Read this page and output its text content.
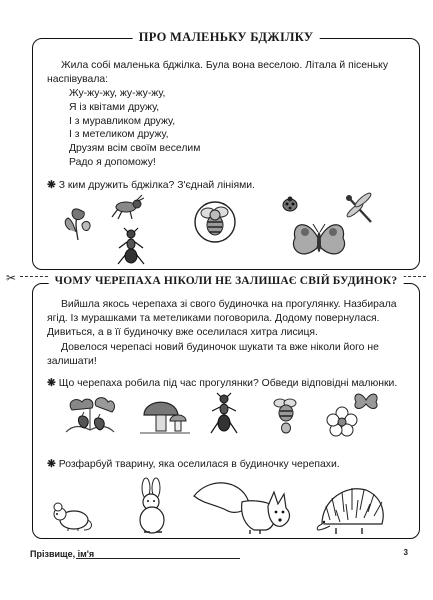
ПРО МАЛЕНЬКУ БДЖІЛКУ
Жила собі маленька бджілка. Була вона веселою. Літала й пісеньку наспівувала:
Жу-жу-жу, жу-жу-жу,
Я із квітами дружу,
І з муравликом дружу,
І з метеликом дружу,
Друзям всім своїм веселим
Радо я допоможу!
❋ З ким дружить бджілка? З'єднай лініями.
✂	ЧОМУ ЧЕРЕПАХА НІКОЛИ НЕ ЗАЛИШАЄ СВІЙ БУДИНОК?
Вийшла якось черепаха зі свого будиночка на прогулянку. Назбирала ягід. Із мурашками та метеликами поговорила. Додому повернулася. Дивиться, а в її будиночку вже оселилася хитра лисиця.
Довелося черепасі новий будиночок шукати та вже ніколи його не залишати!
❋ Що черепаха робила під час прогулянки? Обведи відповідні малюнки.
❋ Розфарбуй тварину, яка оселилася в будиночку черепахи.
Прізвище, ім'я	3
